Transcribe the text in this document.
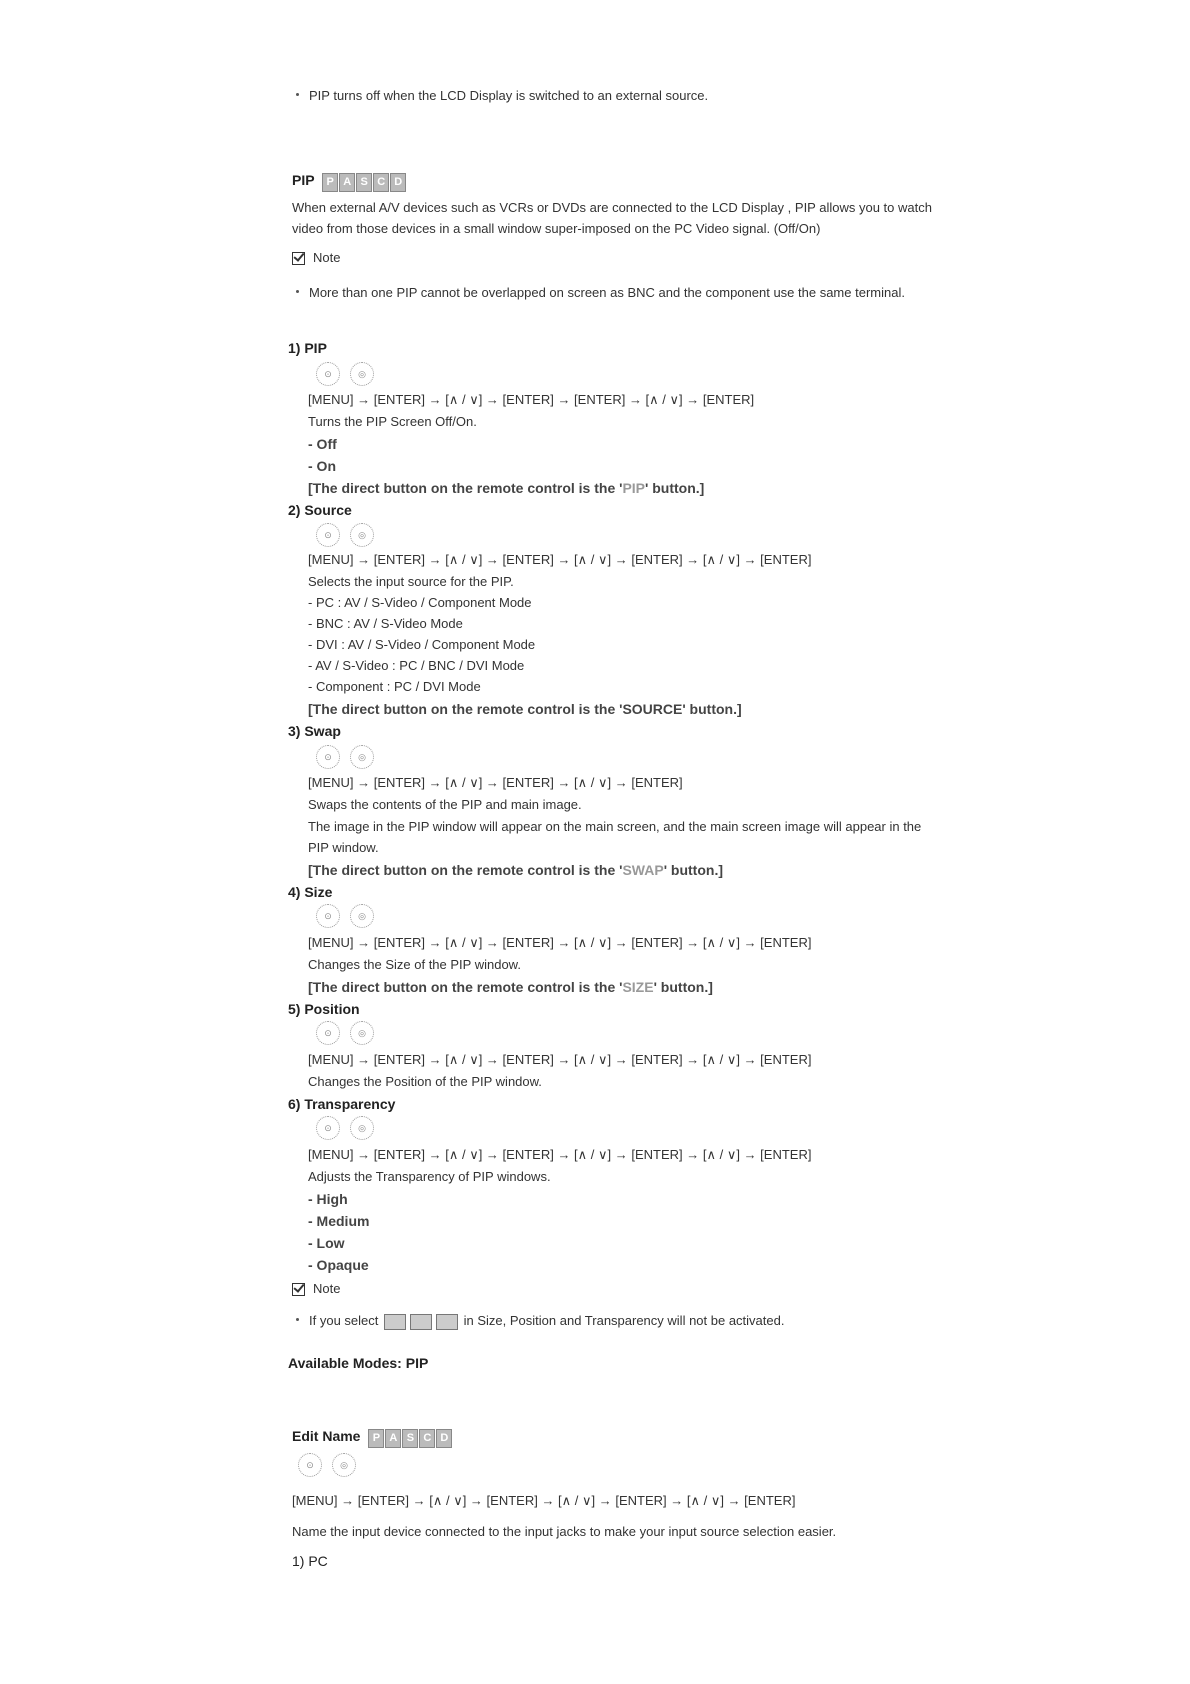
PIP turns off when the LCD Display is switched to an external source.
PIP	P A S C D
When external A/V devices such as VCRs or DVDs are connected to the LCD Display , PIP allows you to watch
video from those devices in a small window super-imposed on the PC Video signal. (Off/On)
Note
More than one PIP cannot be overlapped on screen as BNC and the component use the same terminal.
1) PIP
⊙	◎
[MENU] → [ENTER] → [∧ / ∨] → [ENTER] → [ENTER] → [∧ / ∨] → [ENTER]
Turns the PIP Screen Off/On.
- Off
- On
[The direct button on the remote control is the 'PIP' button.]
2) Source
⊙	◎
[MENU] → [ENTER] → [∧ / ∨] → [ENTER] → [∧ / ∨] → [ENTER] → [∧ / ∨] → [ENTER]
Selects the input source for the PIP.
- PC : AV / S-Video / Component Mode
- BNC : AV / S-Video Mode
- DVI : AV / S-Video / Component Mode
- AV / S-Video : PC / BNC / DVI Mode
- Component : PC / DVI Mode
[The direct button on the remote control is the 'SOURCE' button.]
3) Swap
⊙	◎
[MENU] → [ENTER] → [∧ / ∨] → [ENTER] → [∧ / ∨] → [ENTER]
Swaps the contents of the PIP and main image.
The image in the PIP window will appear on the main screen, and the main screen image will appear in the
PIP window.
[The direct button on the remote control is the 'SWAP' button.]
4) Size
⊙	◎
[MENU] → [ENTER] → [∧ / ∨] → [ENTER] → [∧ / ∨] → [ENTER] → [∧ / ∨] → [ENTER]
Changes the Size of the PIP window.
[The direct button on the remote control is the 'SIZE' button.]
5) Position
⊙	◎
[MENU] → [ENTER] → [∧ / ∨] → [ENTER] → [∧ / ∨] → [ENTER] → [∧ / ∨] → [ENTER]
Changes the Position of the PIP window.
6) Transparency
⊙	◎
[MENU] → [ENTER] → [∧ / ∨] → [ENTER] → [∧ / ∨] → [ENTER] → [∧ / ∨] → [ENTER]
Adjusts the Transparency of PIP windows.
- High
- Medium
- Low
- Opaque
Note
If you select	in Size, Position and Transparency will not be activated.
Available Modes: PIP
Edit Name	P A S C D
⊙	◎
[MENU] → [ENTER] → [∧ / ∨] → [ENTER] → [∧ / ∨] → [ENTER] → [∧ / ∨] → [ENTER]
Name the input device connected to the input jacks to make your input source selection easier.
1) PC
